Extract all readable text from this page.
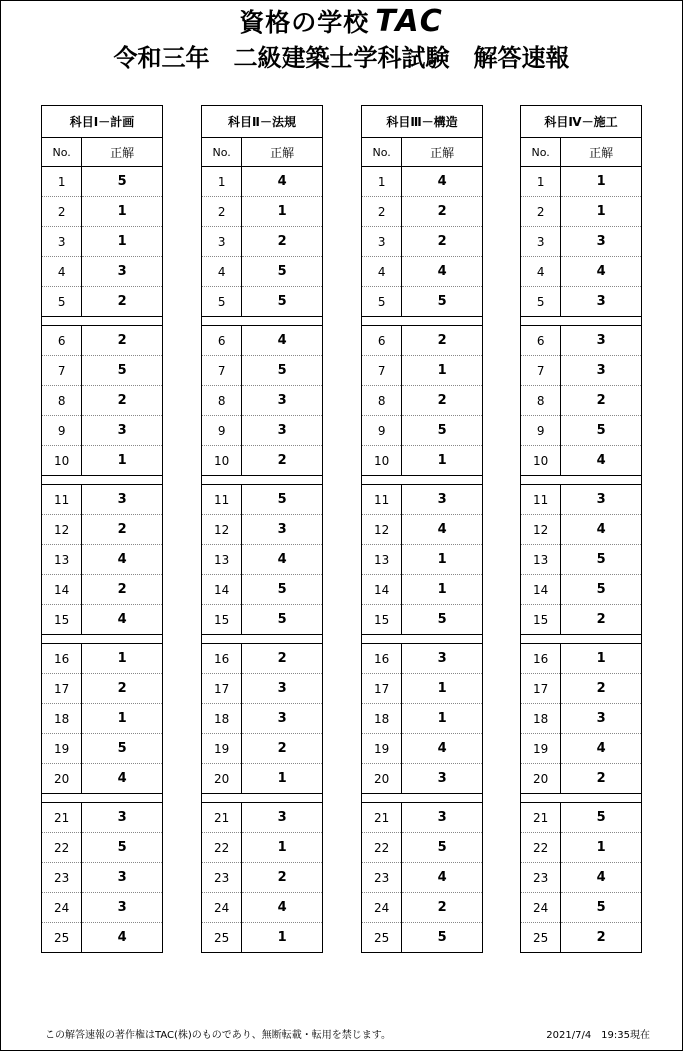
資格の学校 TAC
令和三年　二級建築士学科試験　解答速報
科目Ⅰ－計画	
No.	正解
1	5
2	1
3	1
4	3
5	2

6	2
7	5
8	2
9	3
10	1

11	3
12	2
13	4
14	2
15	4

16	1
17	2
18	1
19	5
20	4

21	3
22	5
23	3
24	3
25	4
科目Ⅱ－法規	
No.	正解
1	4
2	1
3	2
4	5
5	5

6	4
7	5
8	3
9	3
10	2

11	5
12	3
13	4
14	5
15	5

16	2
17	3
18	3
19	2
20	1

21	3
22	1
23	2
24	4
25	1
科目Ⅲ－構造	
No.	正解
1	4
2	2
3	2
4	4
5	5

6	2
7	1
8	2
9	5
10	1

11	3
12	4
13	1
14	1
15	5

16	3
17	1
18	1
19	4
20	3

21	3
22	5
23	4
24	2
25	5
科目Ⅳ－施工	
No.	正解
1	1
2	1
3	3
4	4
5	3

6	3
7	3
8	2
9	5
10	4

11	3
12	4
13	5
14	5
15	2

16	1
17	2
18	3
19	4
20	2

21	5
22	1
23	4
24	5
25	2
この解答速報の著作権はTAC(株)のものであり、無断転載・転用を禁じます。	2021/7/4　19:35現在
